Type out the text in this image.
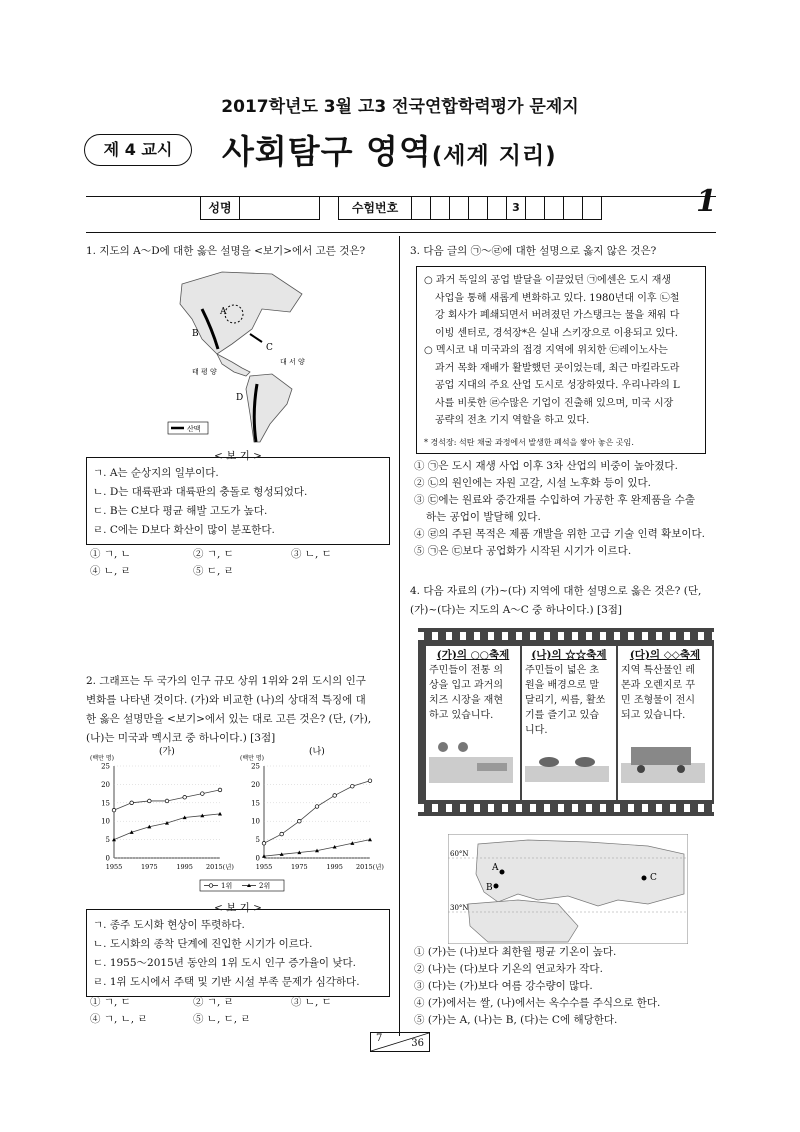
2017학년도 3월 고3 전국연합학력평가 문제지
제 4 교시	사회탐구 영역(세계 지리)
성명	수험번호	3	1
1. 지도의 A～D에 대한 옳은 설명을 <보기>에서 고른 것은?
A
B
C
D
대 서 양
태 평 양
산맥
< 보 기 >
ㄱ. A는 순상지의 일부이다.
ㄴ. D는 대륙판과 대륙판의 충돌로 형성되었다.
ㄷ. B는 C보다 평균 해발 고도가 높다.
ㄹ. C에는 D보다 화산이 많이 분포한다.
① ㄱ, ㄴ	② ㄱ, ㄷ	③ ㄴ, ㄷ
④ ㄴ, ㄹ	⑤ ㄷ, ㄹ
2. 그래프는 두 국가의 인구 규모 상위 1위와 2위 도시의 인구
변화를 나타낸 것이다. (가)와 비교한 (나)의 상대적 특징에 대
한 옳은 설명만을 <보기>에서 있는 대로 고른 것은? (단, (가),
(나)는 미국과 멕시코 중 하나이다.) [3점]
(가)
(백만 명)
0
5
10
15
20
25
1955	1975	1995 2015(년)
(나)
(백만 명)
0
5
10
15
20
25
1955	1975	1995 2015(년)
1위	2위
< 보 기 >
ㄱ. 종주 도시화 현상이 뚜렷하다.
ㄴ. 도시화의 종착 단계에 진입한 시기가 이르다.
ㄷ. 1955～2015년 동안의 1위 도시 인구 증가율이 낮다.
ㄹ. 1위 도시에서 주택 및 기반 시설 부족 문제가 심각하다.
① ㄱ, ㄷ	② ㄱ, ㄹ	③ ㄴ, ㄷ
④ ㄱ, ㄴ, ㄹ	⑤ ㄴ, ㄷ, ㄹ
3. 다음 글의 ㉠～㉣에 대한 설명으로 옳지 않은 것은?
○ 과거 독일의 공업 발달을 이끌었던 ㉠에센은 도시 재생
사업을 통해 새롭게 변화하고 있다. 1980년대 이후 ㉡철
강 회사가 폐쇄되면서 버려졌던 가스탱크는 물을 채워 다
이빙 센터로, 경석장*은 실내 스키장으로 이용되고 있다.
○ 멕시코 내 미국과의 접경 지역에 위치한 ㉢레이노사는
과거 목화 재배가 활발했던 곳이었는데, 최근 마킬라도라
공업 지대의 주요 산업 도시로 성장하였다. 우리나라의 L
사를 비롯한 ㉣수많은 기업이 진출해 있으며, 미국 시장
공략의 전초 기지 역할을 하고 있다.
* 경석장: 석탄 채굴 과정에서 발생한 폐석을 쌓아 놓은 곳임.
① ㉠은 도시 재생 사업 이후 3차 산업의 비중이 높아졌다.
② ㉡의 원인에는 자원 고갈, 시설 노후화 등이 있다.
③ ㉢에는 원료와 중간재를 수입하여 가공한 후 완제품을 수출
하는 공업이 발달해 있다.
④ ㉣의 주된 목적은 제품 개발을 위한 고급 기술 인력 확보이다.
⑤ ㉠은 ㉢보다 공업화가 시작된 시기가 이르다.
4. 다음 자료의 (가)~(다) 지역에 대한 설명으로 옳은 것은? (단,
(가)~(다)는 지도의 A～C 중 하나이다.) [3점]
(가)의 ○○축제
주민들이 전통 의
상을 입고 과거의
치즈 시장을 재현
하고 있습니다.
(나)의 ☆☆축제
주민들이 넓은 초
원을 배경으로 말
달리기, 씨름, 활쏘
기를 즐기고 있습
니다.
(다)의 ◇◇축제
지역 특산물인 레
몬과 오렌지로 꾸
민 조형물이 전시
되고 있습니다.
60°N
30°N
A
B
C
① (가)는 (나)보다 최한월 평균 기온이 높다.
② (나)는 (다)보다 기온의 연교차가 작다.
③ (다)는 (가)보다 여름 강수량이 많다.
④ (가)에서는 쌀, (나)에서는 옥수수를 주식으로 한다.
⑤ (가)는 A, (나)는 B, (다)는 C에 해당한다.
7	36
